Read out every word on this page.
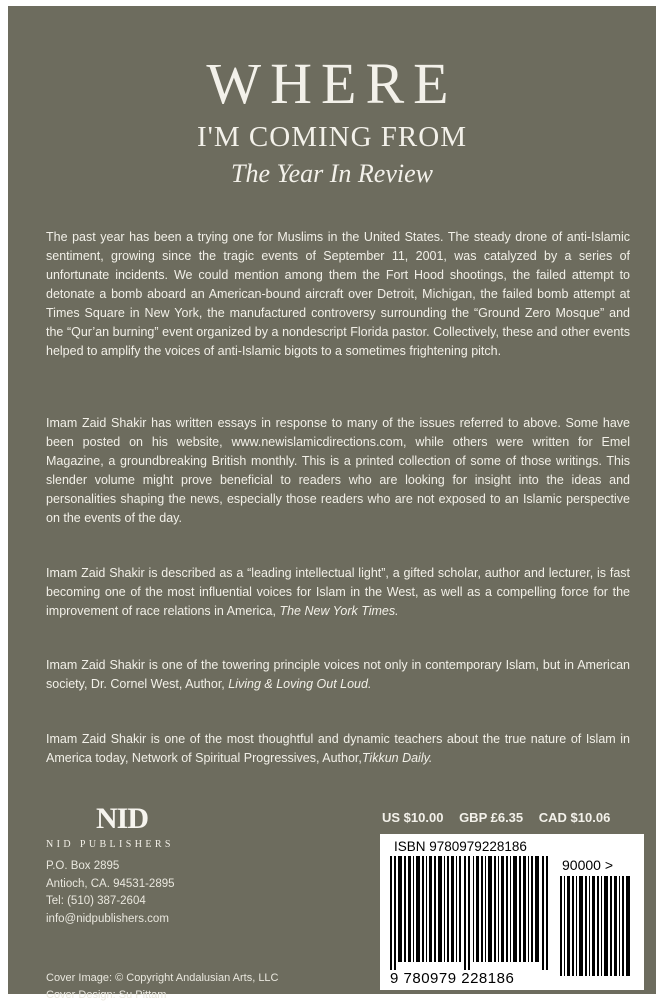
WHERE
I'M COMING FROM
The Year In Review

The past year has been a trying one for Muslims in the United States. The steady drone of anti-Islamic sentiment, growing since the tragic events of September 11, 2001, was catalyzed by a series of unfortunate incidents. We could mention among them the Fort Hood shootings, the failed attempt to detonate a bomb aboard an American-bound aircraft over Detroit, Michigan, the failed bomb attempt at Times Square in New York, the manufactured controversy surrounding the “Ground Zero Mosque” and the “Qur’an burning” event organized by a nondescript Florida pastor. Collectively, these and other events helped to amplify the voices of anti-Islamic bigots to a sometimes frightening pitch.

Imam Zaid Shakir has written essays in response to many of the issues referred to above. Some have been posted on his website, www.newislamicdirections.com, while others were written for Emel Magazine, a groundbreaking British monthly. This is a printed collection of some of those writings. This slender volume might prove beneficial to readers who are looking for insight into the ideas and personalities shaping the news, especially those readers who are not exposed to an Islamic perspective on the events of the day.

Imam Zaid Shakir is described as a “leading intellectual light”, a gifted scholar, author and lecturer, is fast becoming one of the most influential voices for Islam in the West, as well as a compelling force for the improvement of race relations in America, The New York Times.

Imam Zaid Shakir is one of the towering principle voices not only in contemporary Islam, but in American society, Dr. Cornel West, Author, Living & Loving Out Loud.

Imam Zaid Shakir is one of the most thoughtful and dynamic teachers about the true nature of Islam in America today, Network of Spiritual Progressives, Author,Tikkun Daily.

NID
NID PUBLISHERS
P.O. Box 2895
Antioch, CA. 94531-2895
Tel: (510) 387-2604
info@nidpublishers.com
Cover Image: © Copyright Andalusian Arts, LLC
Cover Design: Su Pittam
US $10.00 GBP £6.35 CAD $10.06
ISBN 9780979228186
90000 >
9 780979 228186
